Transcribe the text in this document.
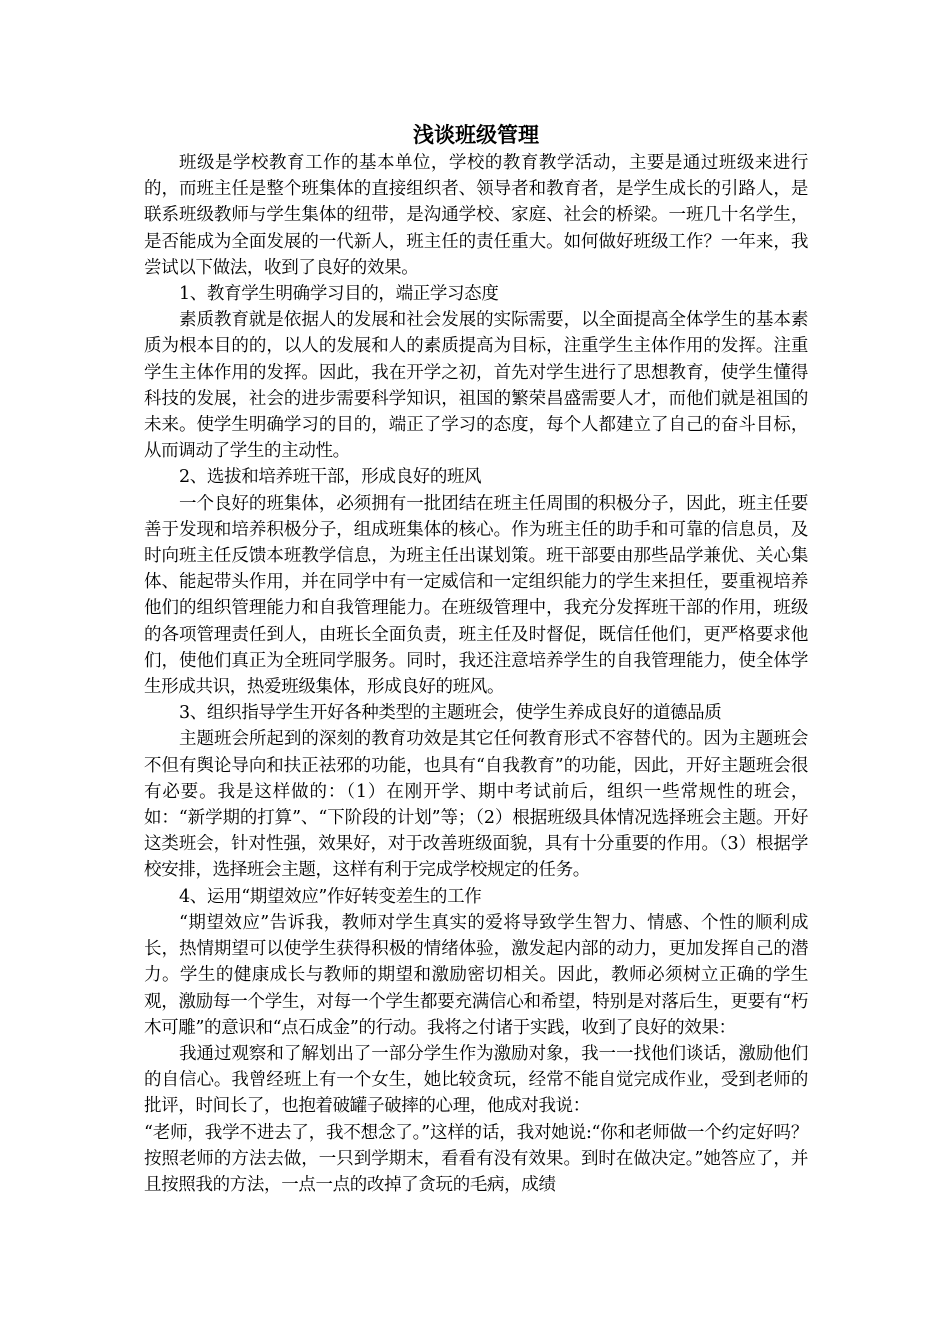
浅谈班级管理

班级是学校教育工作的基本单位，学校的教育教学活动，主要是通过班级来进行的，而班主任是整个班集体的直接组织者、领导者和教育者，是学生成长的引路人，是联系班级教师与学生集体的纽带，是沟通学校、家庭、社会的桥梁。一班几十名学生，是否能成为全面发展的一代新人，班主任的责任重大。如何做好班级工作？一年来，我尝试以下做法，收到了良好的效果。

1、教育学生明确学习目的，端正学习态度

素质教育就是依据人的发展和社会发展的实际需要，以全面提高全体学生的基本素质为根本目的的，以人的发展和人的素质提高为目标，注重学生主体作用的发挥。注重　学生主体作用的发挥。因此，我在开学之初，首先对学生进行了思想教育，使学生懂得科技的发展，社会的进步需要科学知识，祖国的繁荣昌盛需要人才，而他们就是祖国的未来。使学生明确学习的目的，端正了学习的态度，每个人都建立了自己的奋斗目标，从而调动了学生的主动性。

2、选拔和培养班干部，形成良好的班风

一个良好的班集体，必须拥有一批团结在班主任周围的积极分子，因此，班主任要善于发现和培养积极分子，组成班集体的核心。作为班主任的助手和可靠的信息员，及时向班主任反馈本班教学信息，为班主任出谋划策。班干部要由那些品学兼优、关心集体、能起带头作用，并在同学中有一定威信和一定组织能力的学生来担任，要重视培养他们的组织管理能力和自我管理能力。在班级管理中，我充分发挥班干部的作用，班级的各项管理责任到人，由班长全面负责，班主任及时督促，既信任他们，更严格要求他们，使他们真正为全班同学服务。同时，我还注意培养学生的自我管理能力，使全体学生形成共识，热爱班级集体，形成良好的班风。

3、组织指导学生开好各种类型的主题班会，使学生养成良好的道德品质

主题班会所起到的深刻的教育功效是其它任何教育形式不容替代的。因为主题班会不但有舆论导向和扶正祛邪的功能，也具有“自我教育”的功能，因此，开好主题班会很有必要。我是这样做的：（1）在刚开学、期中考试前后，组织一些常规性的班会，如：“新学期的打算”、“下阶段的计划”等；（2）根据班级具体情况选择班会主题。开好这类班会，针对性强，效果好，对于改善班级面貌，具有十分重要的作用。（3）根据学校安排，选择班会主题，这样有利于完成学校规定的任务。

4、运用“期望效应”作好转变差生的工作

“期望效应”告诉我，教师对学生真实的爱将导致学生智力、情感、个性的顺利成长，热情期望可以使学生获得积极的情绪体验，激发起内部的动力，更加发挥自己的潜力。学生的健康成长与教师的期望和激励密切相关。因此，教师必须树立正确的学生观，激励每一个学生，对每一个学生都要充满信心和希望，特别是对落后生，更要有“朽木可雕”的意识和“点石成金”的行动。我将之付诸于实践，收到了良好的效果：

我通过观察和了解划出了一部分学生作为激励对象，我一一找他们谈话，激励他们的自信心。我曾经班上有一个女生，她比较贪玩，经常不能自觉完成作业，受到老师的批评，时间长了，也抱着破罐子破摔的心理，他成对我说：

“老师，我学不进去了，我不想念了。”这样的话，我对她说:“你和老师做一个约定好吗？按照老师的方法去做，一只到学期末，看看有没有效果。到时在做决定。”她答应了，并且按照我的方法，一点一点的改掉了贪玩的毛病，成绩
